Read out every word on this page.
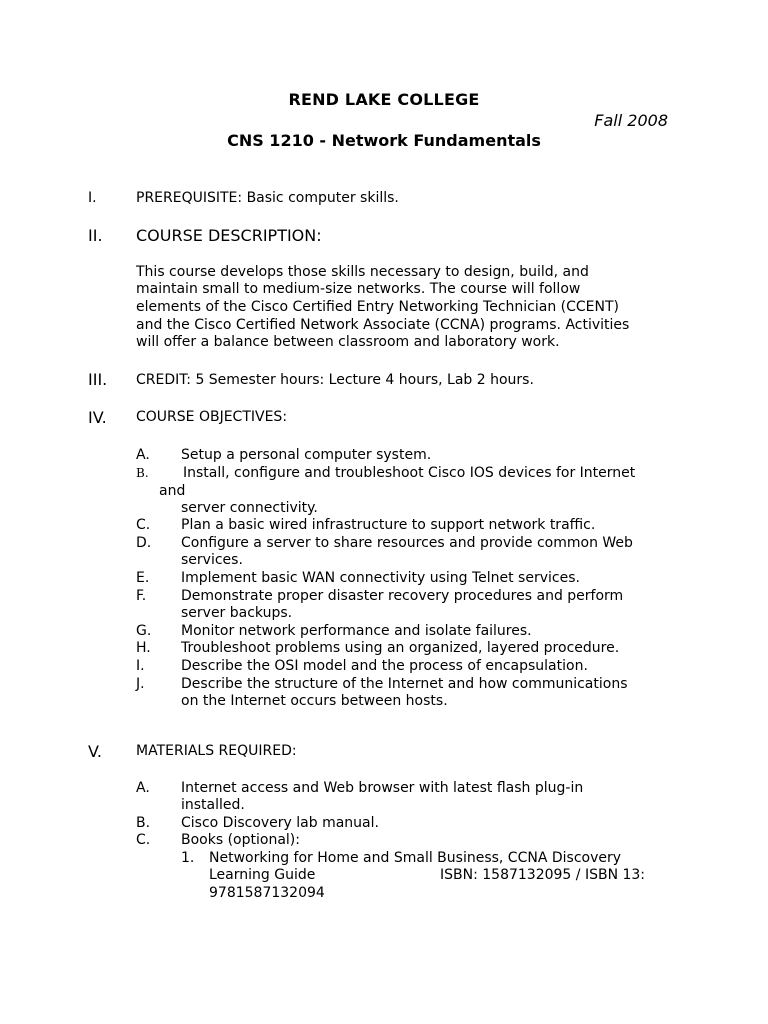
REND LAKE COLLEGE
Fall 2008
CNS 1210 - Network Fundamentals
I.	PREREQUISITE: Basic computer skills.
II. COURSE DESCRIPTION:
This course develops those skills necessary to design, build, and
maintain small to medium-size networks. The course will follow
elements of the Cisco Certified Entry Networking Technician (CCENT)
and the Cisco Certified Network Associate (CCNA) programs. Activities
will offer a balance between classroom and laboratory work.
III. CREDIT: 5 Semester hours: Lecture 4 hours, Lab 2 hours.
IV. COURSE OBJECTIVES:
A. Setup a personal computer system.
B. Install, configure and troubleshoot Cisco IOS devices for Internet
and
server connectivity.
C. Plan a basic wired infrastructure to support network traffic.
D. Configure a server to share resources and provide common Web
services.
E. Implement basic WAN connectivity using Telnet services.
F. Demonstrate proper disaster recovery procedures and perform
server backups.
G. Monitor network performance and isolate failures.
H. Troubleshoot problems using an organized, layered procedure.
I.	Describe the OSI model and the process of encapsulation.
J.	Describe the structure of the Internet and how communications
on the Internet occurs between hosts.
V. MATERIALS REQUIRED:
A. Internet access and Web browser with latest flash plug-in
installed.
B. Cisco Discovery lab manual.
C. Books (optional):
1. Networking for Home and Small Business, CCNA Discovery
Learning Guide	ISBN: 1587132095 / ISBN 13:
9781587132094
